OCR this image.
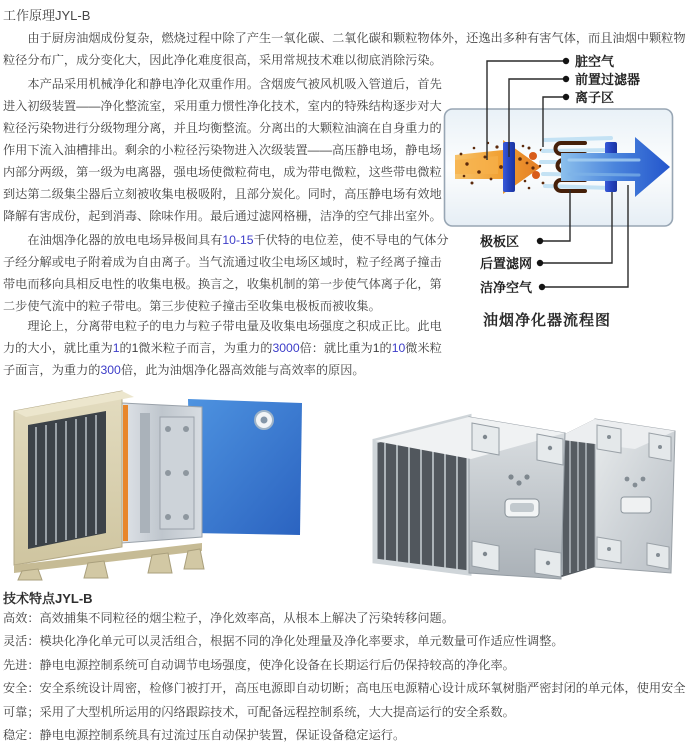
工作原理JYL-B
由于厨房油烟成份复杂，燃烧过程中除了产生一氧化碳、二氧化碳和颗粒物体外，还逸出多种有害气体，而且油烟中颗粒物粒径分布广，成分变化大，因此净化难度很高，采用常规技术难以彻底消除污染。
本产品采用机械净化和静电净化双重作用。含烟废气被风机吸入管道后，首先进入初级装置——净化整流室，采用重力惯性净化技术，室内的特殊结构逐步对大粒径污染物进行分级物理分离，并且均衡整流。分离出的大颗粒油滴在自身重力的作用下流入油槽排出。剩余的小粒径污染物进入次级装置——高压静电场，静电场内部分两级，第一级为电离器，强电场使微粒荷电，成为带电微粒，这些带电微粒到达第二级集尘器后立刻被收集电极吸附，且部分炭化。同时，高压静电场有效地降解有害成份，起到消毒、除味作用。最后通过滤网格栅，洁净的空气排出室外。
在油烟净化器的放电电场异极间具有10-15千伏特的电位差，使不导电的气体分子经分解或电子附着成为自由离子。当气流通过收尘电场区域时，粒子经离子撞击带电而移向具相反电性的收集电极。换言之，收集机制的第一步使气体离子化，第二步使气流中的粒子带电。第三步使粒子撞击至收集电极板而被收集。
理论上，分离带电粒子的电力与粒子带电量及收集电场强度之积成正比。此电力的大小，就比重为1的1微米粒子而言，为重力的3000倍：就比重为1的10微米粒子面言，为重力的300倍，此为油烟净化器高效能与高效率的原因。
脏空气
前置过滤器
离子区
极板区
后置滤网
洁净空气
油烟净化器流程图
技术特点JYL-B
高效：高效捕集不同粒径的烟尘粒子，净化效率高，从根本上解决了污染转移问题。
灵活：模块化净化单元可以灵活组合，根据不同的净化处理量及净化率要求，单元数量可作适应性调整。
先进：静电电源控制系统可自动调节电场强度，使净化设备在长期运行后仍保持较高的净化率。
安全：安全系统设计周密，检修门被打开，高压电源即自动切断；高电压电源精心设计成环氧树脂严密封闭的单元体，使用安全可靠；采用了大型机所运用的闪络跟踪技术，可配备远程控制系统，大大提高运行的安全系数。
稳定：静电电源控制系统具有过流过压自动保护装置，保证设备稳定运行。
